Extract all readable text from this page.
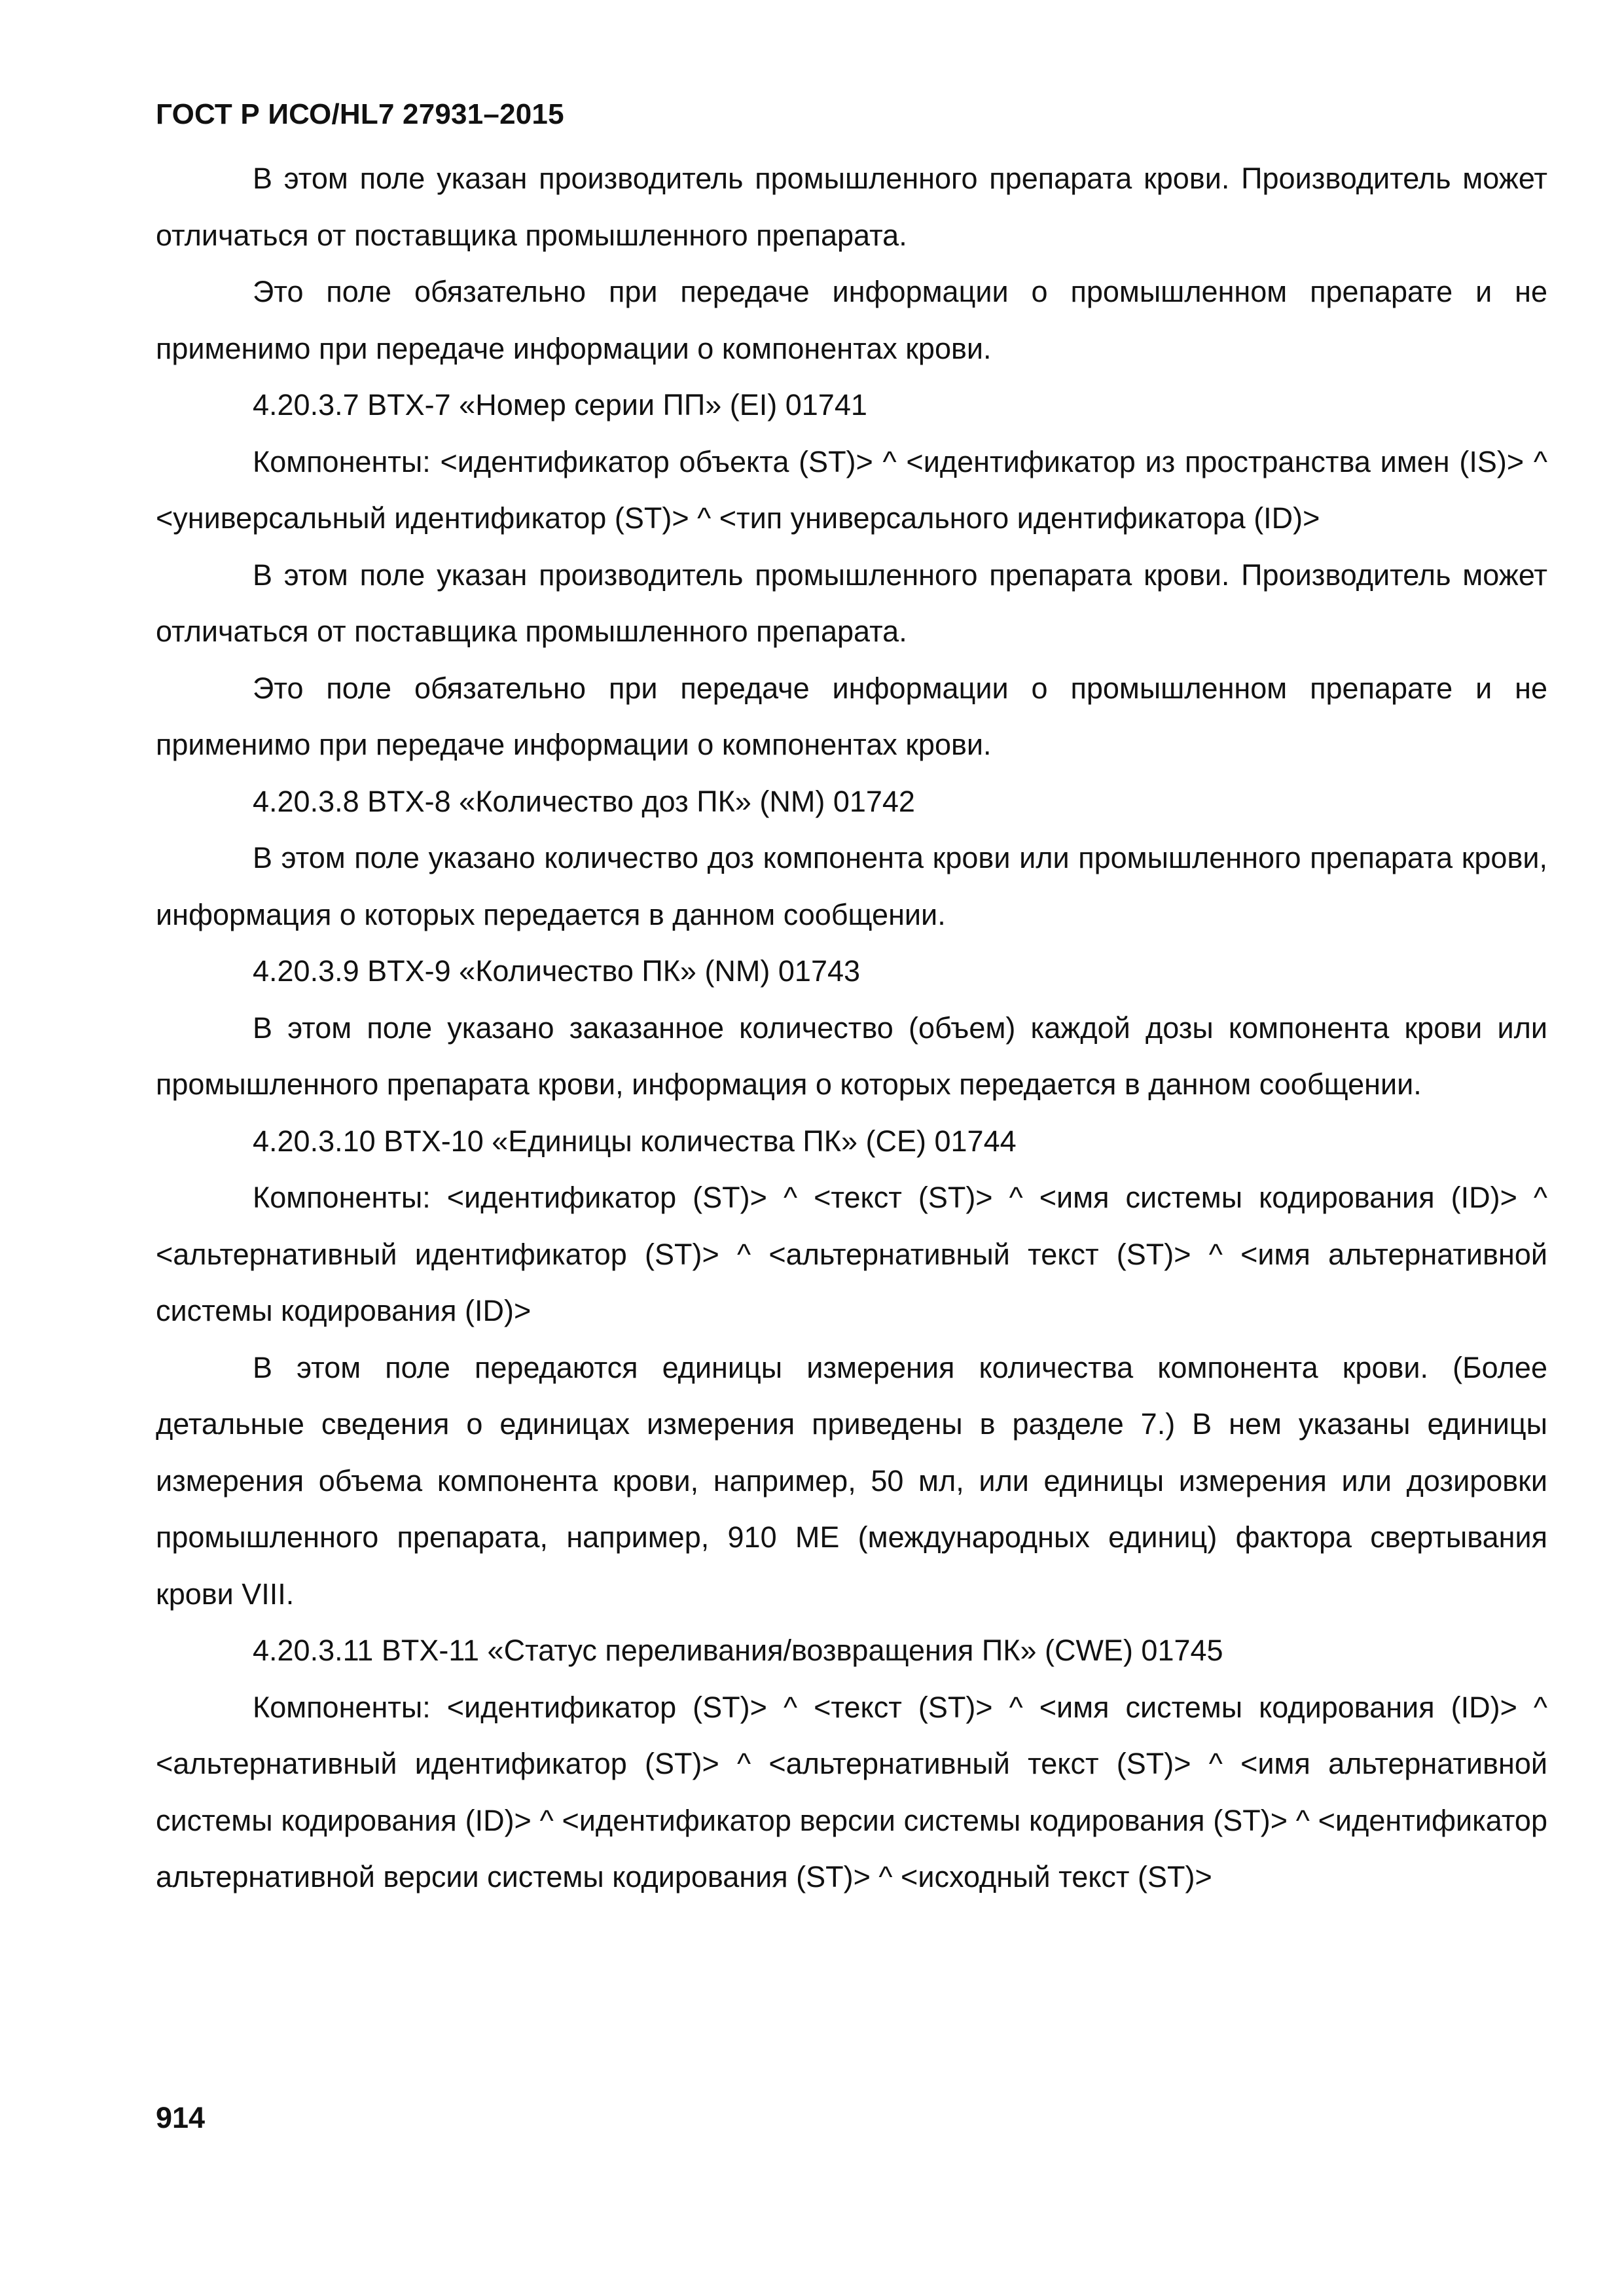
ГОСТ Р ИСО/HL7 27931–2015

В этом поле указан производитель промышленного препарата крови. Производитель может отличаться от поставщика промышленного препарата.

Это поле обязательно при передаче информации о промышленном препарате и не применимо при передаче информации о компонентах крови.

4.20.3.7 BTX-7 «Номер серии ПП» (EI) 01741

Компоненты: <идентификатор объекта (ST)> ^ <идентификатор из пространства имен (IS)> ^ <универсальный идентификатор (ST)> ^ <тип универсального идентификатора (ID)>

В этом поле указан производитель промышленного препарата крови. Производитель может отличаться от поставщика промышленного препарата.

Это поле обязательно при передаче информации о промышленном препарате и не применимо при передаче информации о компонентах крови.

4.20.3.8 BTX-8 «Количество доз ПК» (NM) 01742

В этом поле указано количество доз компонента крови или промышленного препарата крови, информация о которых передается в данном сообщении.

4.20.3.9 BTX-9 «Количество ПК» (NM) 01743

В этом поле указано заказанное количество (объем) каждой дозы компонента крови или промышленного препарата крови, информация о которых передается в данном сообщении.

4.20.3.10 BTX-10 «Единицы количества ПК» (CE) 01744

Компоненты: <идентификатор (ST)> ^ <текст (ST)> ^ <имя системы кодирования (ID)> ^ <альтернативный идентификатор (ST)> ^ <альтернативный текст (ST)> ^ <имя альтернативной системы кодирования (ID)>

В этом поле передаются единицы измерения количества компонента крови. (Более детальные сведения о единицах измерения приведены в разделе 7.) В нем указаны единицы измерения объема компонента крови, например, 50 мл, или единицы измерения или дозировки промышленного препарата, например, 910 МЕ (международных единиц) фактора свертывания крови VIII.

4.20.3.11 BTX-11 «Статус переливания/возвращения ПК» (CWE) 01745

Компоненты: <идентификатор (ST)> ^ <текст (ST)> ^ <имя системы кодирования (ID)> ^ <альтернативный идентификатор (ST)> ^ <альтернативный текст (ST)> ^ <имя альтернативной системы кодирования (ID)> ^ <идентификатор версии системы кодирования (ST)> ^ <идентификатор альтернативной версии системы кодирования (ST)> ^ <исходный текст (ST)>

914
